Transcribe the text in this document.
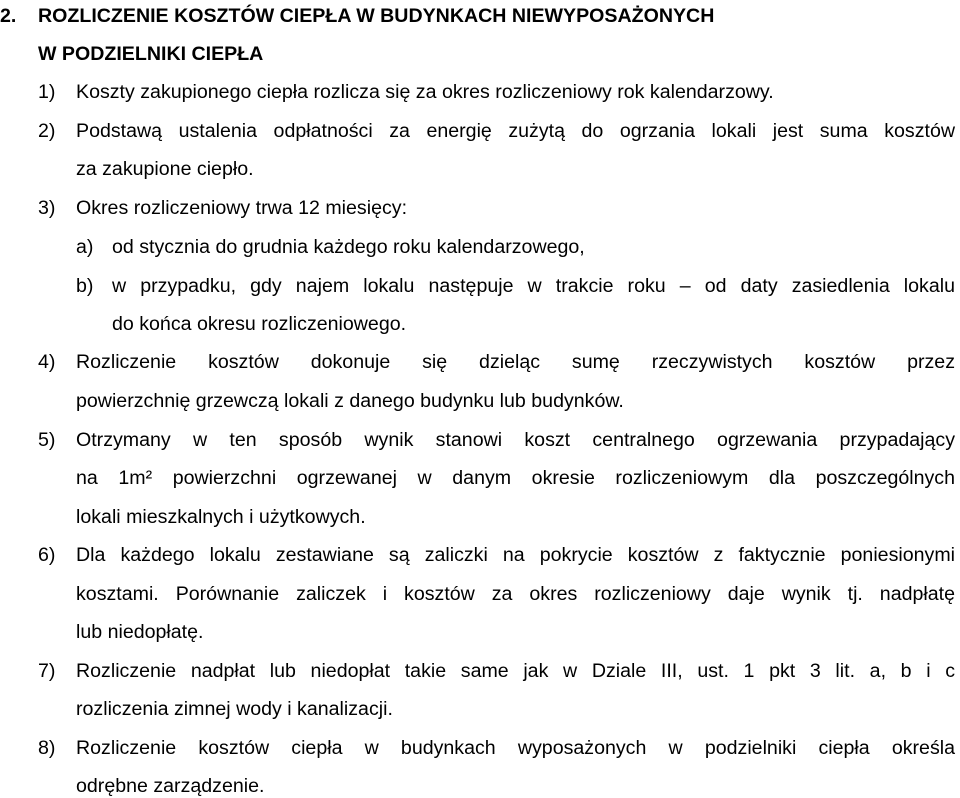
2. ROZLICZENIE KOSZTÓW CIEPŁA W BUDYNKACH NIEWYPOSAŻONYCH
W PODZIELNIKI CIEPŁA
1) Koszty zakupionego ciepła rozlicza się za okres rozliczeniowy rok kalendarzowy.
2) Podstawą ustalenia odpłatności za energię zużytą do ogrzania lokali jest suma kosztów
za zakupione ciepło.
3) Okres rozliczeniowy trwa 12 miesięcy:
a) od stycznia do grudnia każdego roku kalendarzowego,
b) w przypadku, gdy najem lokalu następuje w trakcie roku – od daty zasiedlenia lokalu
do końca okresu rozliczeniowego.
4) Rozliczenie kosztów dokonuje się dzieląc sumę rzeczywistych kosztów przez
powierzchnię grzewczą lokali z danego budynku lub budynków.
5) Otrzymany w ten sposób wynik stanowi koszt centralnego ogrzewania przypadający
na 1m² powierzchni ogrzewanej w danym okresie rozliczeniowym dla poszczególnych
lokali mieszkalnych i użytkowych.
6) Dla każdego lokalu zestawiane są zaliczki na pokrycie kosztów z faktycznie poniesionymi
kosztami. Porównanie zaliczek i kosztów za okres rozliczeniowy daje wynik tj. nadpłatę
lub niedopłatę.
7) Rozliczenie nadpłat lub niedopłat takie same jak w Dziale III, ust. 1 pkt 3 lit. a, b i c
rozliczenia zimnej wody i kanalizacji.
8) Rozliczenie kosztów ciepła w budynkach wyposażonych w podzielniki ciepła określa
odrębne zarządzenie.
